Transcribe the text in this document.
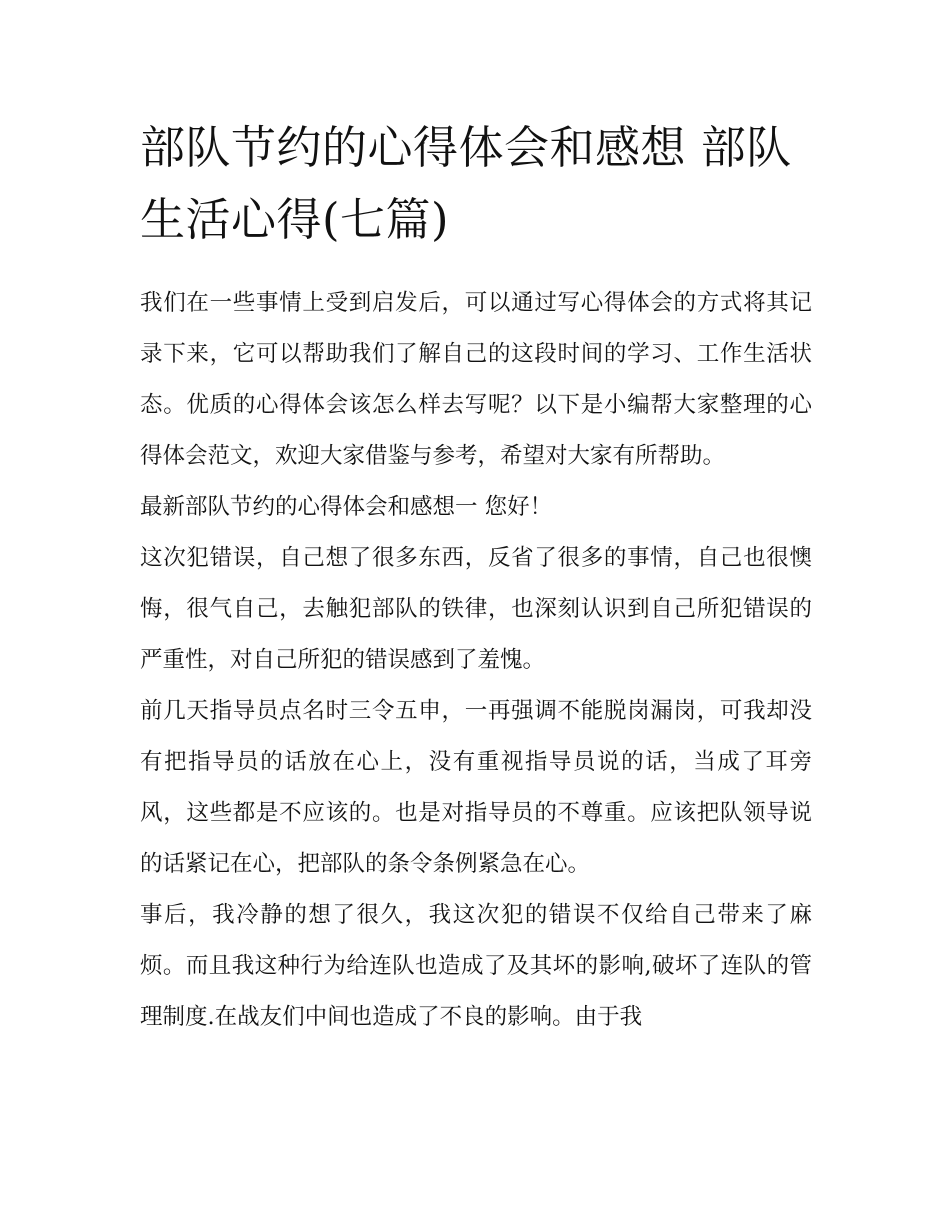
部队节约的心得体会和感想 部队生活心得(七篇)

我们在一些事情上受到启发后，可以通过写心得体会的方式将其记录下来，它可以帮助我们了解自己的这段时间的学习、工作生活状态。优质的心得体会该怎么样去写呢？以下是小编帮大家整理的心得体会范文，欢迎大家借鉴与参考，希望对大家有所帮助。

最新部队节约的心得体会和感想一 您好！

这次犯错误，自己想了很多东西，反省了很多的事情，自己也很懊悔，很气自己，去触犯部队的铁律，也深刻认识到自己所犯错误的严重性，对自己所犯的错误感到了羞愧。

前几天指导员点名时三令五申，一再强调不能脱岗漏岗，可我却没有把指导员的话放在心上，没有重视指导员说的话，当成了耳旁风，这些都是不应该的。也是对指导员的不尊重。应该把队领导说的话紧记在心，把部队的条令条例紧急在心。

事后，我冷静的想了很久，我这次犯的错误不仅给自己带来了麻烦。而且我这种行为给连队也造成了及其坏的影响,破坏了连队的管理制度.在战友们中间也造成了不良的影响。由于我
